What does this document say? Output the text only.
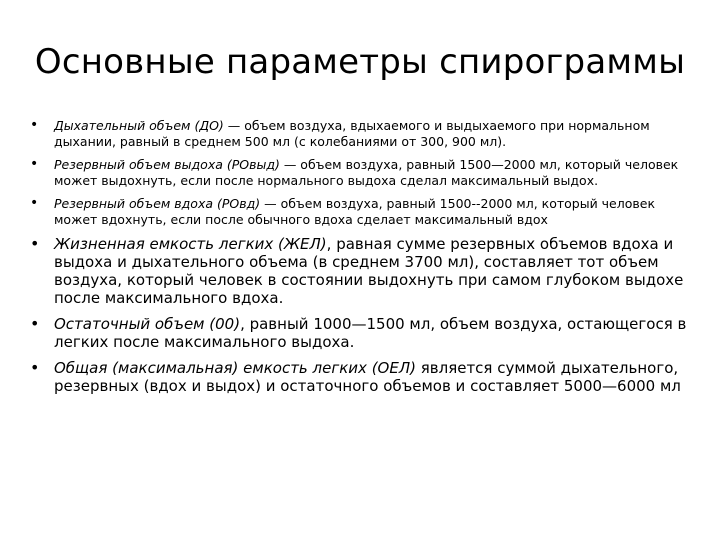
Основные параметры спирограммы
• Дыхательный объем (ДО) — объем воздуха, вдыхаемого и выдыхаемого при нормальном дыхании, равный в среднем 500 мл (с колебаниями от 300, 900 мл).
• Резервный объем выдоха (РОвыд) — объем воздуха, равный 1500—2000 мл, который человек может выдохнуть, если после нормального выдоха сделал максимальный выдох.
• Резервный объем вдоха (РОвд) — объем воздуха, равный 1500--2000 мл, который человек может вдохнуть, если после обычного вдоха сделает максимальный вдох
• Жизненная емкость легких (ЖЕЛ), равная сумме резервных объемов вдоха и выдоха и дыхательного объема (в среднем 3700 мл), составляет тот объем воздуха, который человек в состоянии выдохнуть при самом глубоком выдохе после максимального вдоха.
• Остаточный объем (00), равный 1000—1500 мл, объем воздуха, остающегося в легких после максимального выдоха.
• Общая (максимальная) емкость легких (ОЕЛ) является суммой дыхательного, резервных (вдох и выдох) и остаточного объемов и составляет 5000—6000 мл
